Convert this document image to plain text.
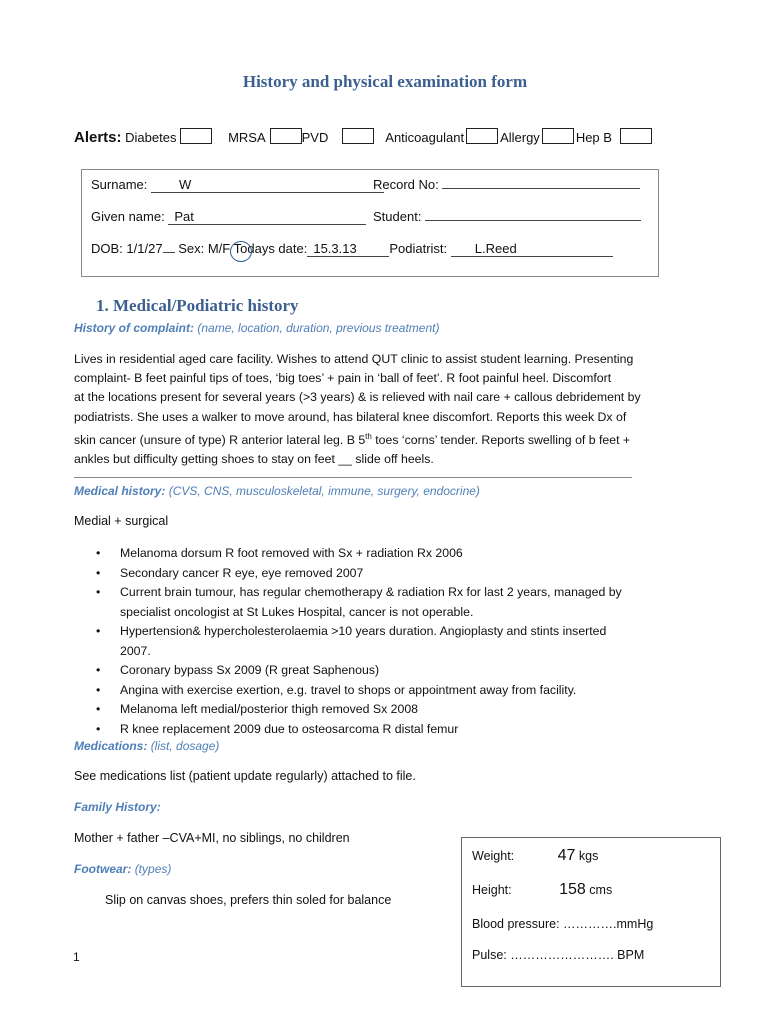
History and physical examination form
Alerts: Diabetes	MRSA	PVD	Anticoagulant	Allergy	Hep B
Surname: W	Record No:
Given name: Pat	Student:
DOB: 1/1/27 Sex: M/F Todays date: 15.3.13	Podiatrist: L.Reed
1. Medical/Podiatric history
History of complaint: (name, location, duration, previous treatment)

Lives in residential aged care facility. Wishes to attend QUT clinic to assist student learning. Presenting

complaint- B feet painful tips of toes, ‘big toes’ + pain in ‘ball of feet’. R foot painful heel. Discomfort

at the locations present for several years (>3 years) & is relieved with nail care + callous debridement by

podiatrists. She uses a walker to move around, has bilateral knee discomfort. Reports this week Dx of

skin cancer (unsure of type) R anterior lateral leg. B 5th toes ‘corns’ tender. Reports swelling of b feet +

ankles but difficulty getting shoes to stay on feet __ slide off heels.

Medical history: (CVS, CNS, musculoskeletal, immune, surgery, endocrine)
Medial + surgical
• Melanoma dorsum R foot removed with Sx + radiation Rx 2006
• Secondary cancer R eye, eye removed 2007
• Current brain tumour, has regular chemotherapy & radiation Rx for last 2 years, managed by
specialist oncologist at St Lukes Hospital, cancer is not operable.
• Hypertension& hypercholesterolaemia >10 years duration. Angioplasty and stints inserted
2007.
• Coronary bypass Sx 2009 (R great Saphenous)
• Angina with exercise exertion, e.g. travel to shops or appointment away from facility.
• Melanoma left medial/posterior thigh removed Sx 2008
• R knee replacement 2009 due to osteosarcoma R distal femur
Medications: (list, dosage)
See medications list (patient update regularly) attached to file.
Family History:
Mother + father –CVA+MI, no siblings, no children
Footwear: (types)
Slip on canvas shoes, prefers thin soled for balance
Weight:	47 kgs
Height:	158 cms
Blood pressure: ………….mmHg
Pulse: ……………………. BPM
1
